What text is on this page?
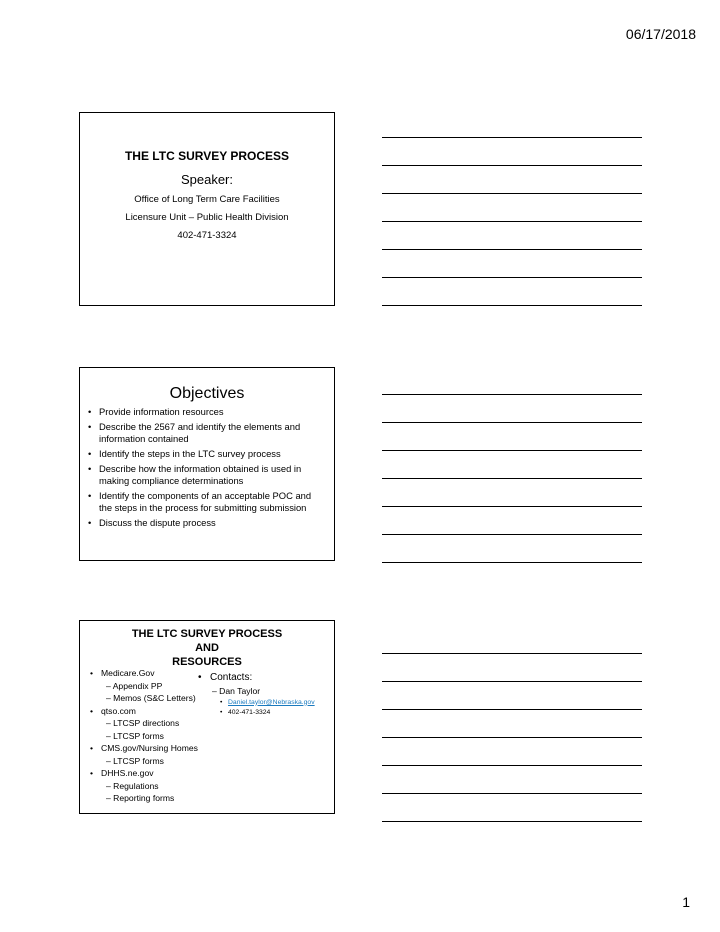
06/17/2018
THE LTC SURVEY PROCESS
Speaker:
Office of Long Term Care Facilities
Licensure Unit – Public Health Division
402-471-3324
Objectives
• Provide information resources
• Describe the 2567 and identify the elements and information contained
• Identify the steps in the LTC survey process
• Describe how the information obtained is used in making compliance determinations
• Identify the components of an acceptable POC and the steps in the process for submitting submission
• Discuss the dispute process
THE LTC SURVEY PROCESS
AND
RESOURCES
• Medicare.Gov
– Appendix PP
– Memos (S&C Letters)
• qtso.com
– LTCSP directions
– LTCSP forms
• CMS.gov/Nursing Homes
– LTCSP forms
• DHHS.ne.gov
– Regulations
– Reporting forms
• Contacts:
– Dan Taylor
• Daniel.taylor@Nebraska.gov
• 402-471-3324
1
